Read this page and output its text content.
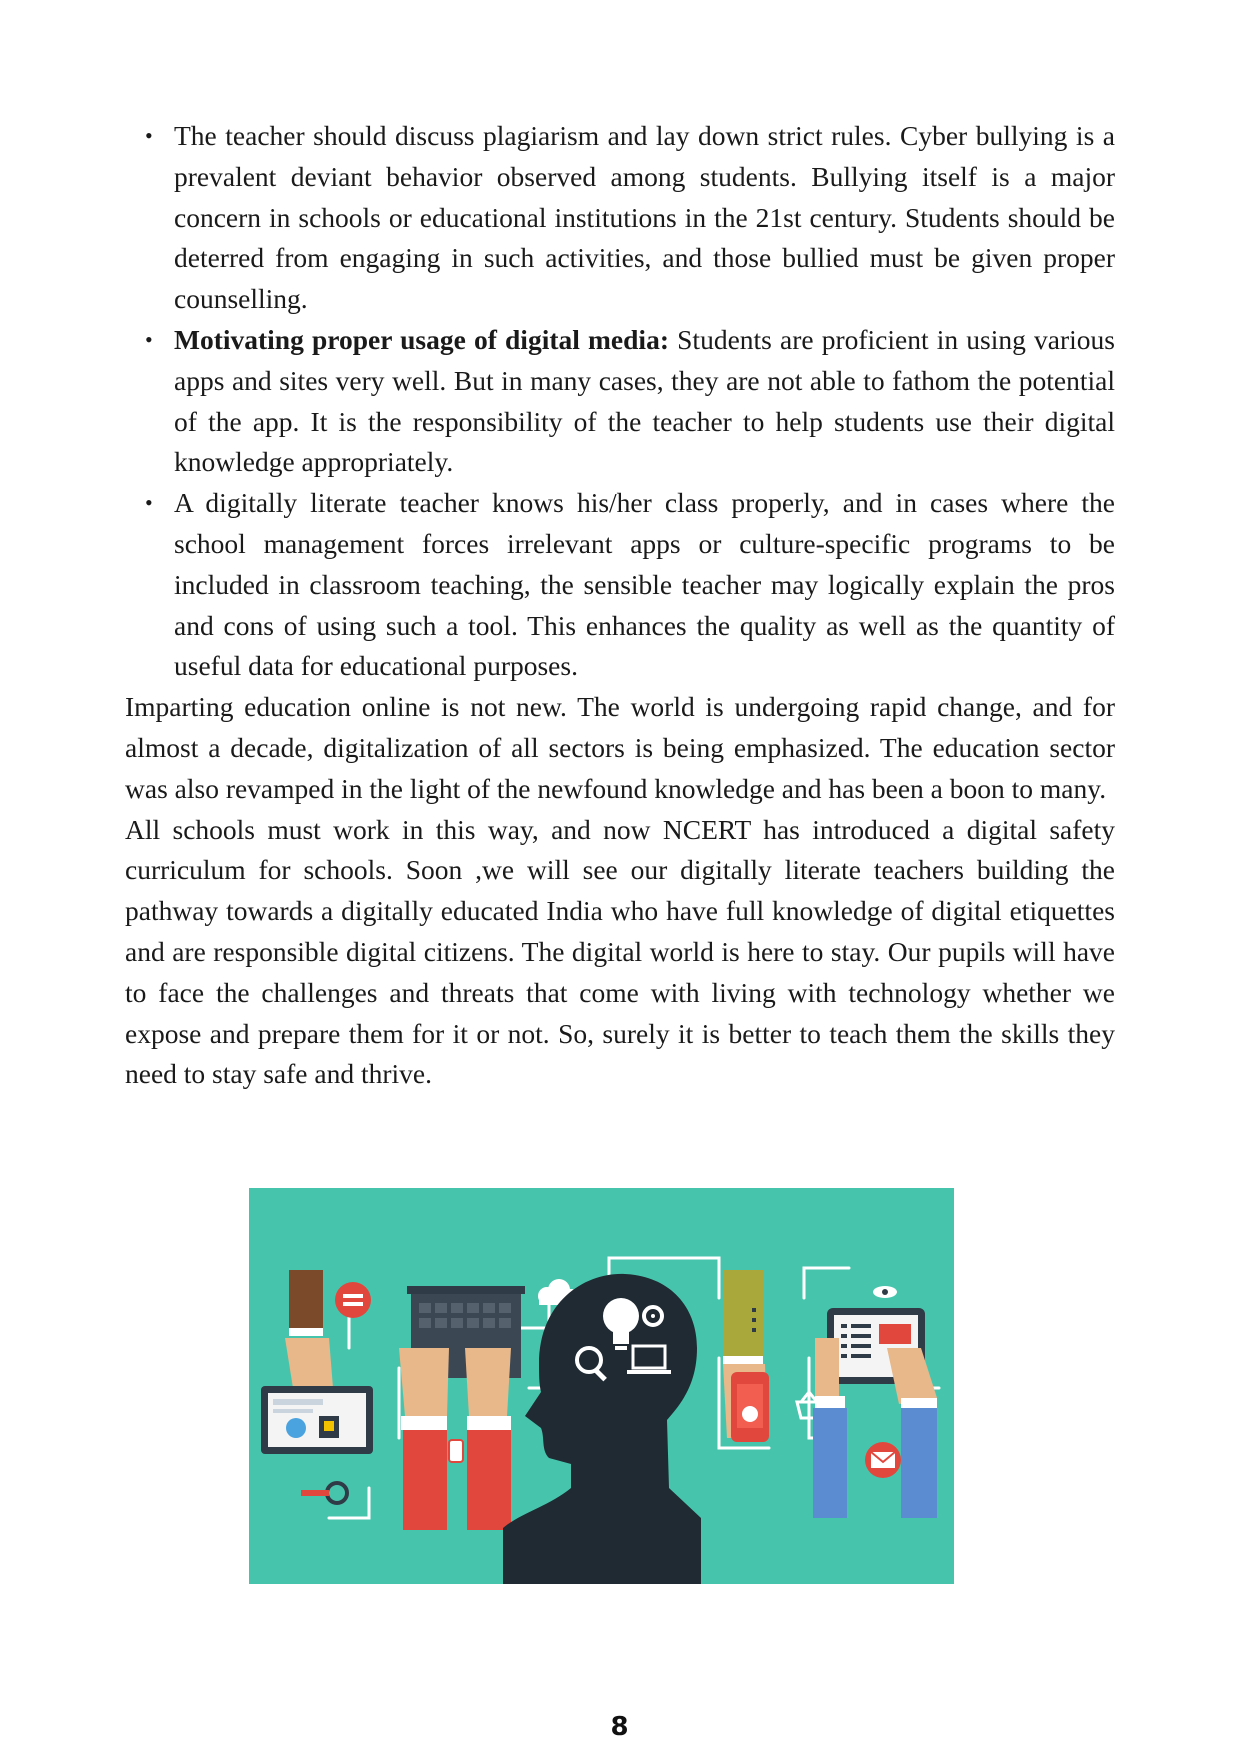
• The teacher should discuss plagiarism and lay down strict rules. Cyber bullying is a prevalent deviant behavior observed among students. Bullying itself is a major concern in schools or educational institutions in the 21st century. Students should be deterred from engaging in such activities, and those bullied must be given proper counselling.
• Motivating proper usage of digital media: Students are proficient in using various apps and sites very well. But in many cases, they are not able to fathom the potential of the app. It is the responsibility of the teacher to help students use their digital knowledge appropriately.
• A digitally literate teacher knows his/her class properly, and in cases where the school management forces irrelevant apps or culture-specific programs to be included in classroom teaching, the sensible teacher may logically explain the pros and cons of using such a tool. This enhances the quality as well as the quantity of useful data for educational purposes.

Imparting education online is not new. The world is undergoing rapid change, and for almost a decade, digitalization of all sectors is being emphasized. The education sector was also revamped in the light of the newfound knowledge and has been a boon to many.

All schools must work in this way, and now NCERT has introduced a digital safety curriculum for schools. Soon ,we will see our digitally literate teachers building the pathway towards a digitally educated India who have full knowledge of digital etiquettes and are responsible digital citizens. The digital world is here to stay. Our pupils will have to face the challenges and threats that come with living with technology whether we expose and prepare them for it or not. So, surely it is better to teach them the skills they need to stay safe and thrive.

8
